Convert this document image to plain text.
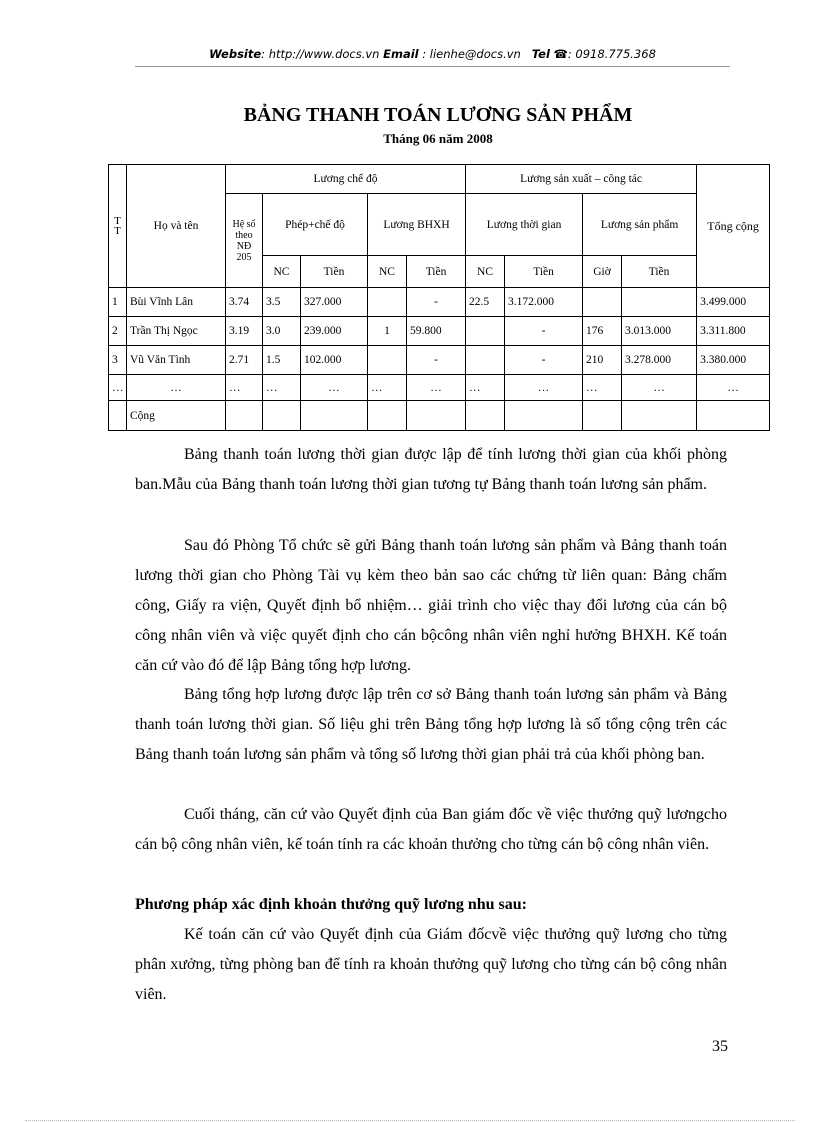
Website: http://www.docs.vn Email : lienhe@docs.vn Tel ☎: 0918.775.368
BẢNG THANH TOÁN LƯƠNG SẢN PHẨM
Tháng 06 năm 2008
T T	Họ và tên	Lương chế độ					Lương sản xuất – công tác				Tổng cộng
		Hệ số theo NĐ 205	Phép+chế độ		Lương BHXH		Lương thời gian		Lương sản phẩm		
			NC	Tiền	NC	Tiền	NC	Tiền	Giờ	Tiền	
1	Bùi Vĩnh Lân	3.74	3.5	327.000		-	22.5	3.172.000			3.499.000
2	Trần Thị Ngọc	3.19	3.0	239.000	1	59.800		-	176	3.013.000	3.311.800
3	Vũ Văn Tình	2.71	1.5	102.000		-		-	210	3.278.000	3.380.000
…	…	…	…	…	…	…	…	…	…	…	…
	Cộng										

Bảng thanh toán lương thời gian được lập để tính lương thời gian của khối phòng ban.Mẫu của Bảng thanh toán lương thời gian tương tự Bảng thanh toán lương sản phẩm.

Sau đó Phòng Tổ chức sẽ gửi Bảng thanh toán lương sản phẩm và Bảng thanh toán lương thời gian cho Phòng Tài vụ kèm theo bản sao các chứng từ liên quan: Bảng chấm công, Giấy ra viện, Quyết định bổ nhiệm… giải trình cho việc thay đổi lương của cán bộ công nhân viên và việc quyết định cho cán bộcông nhân viên nghỉ hưởng BHXH. Kế toán căn cứ vào đó để lập Bảng tổng hợp lương.

Bảng tổng hợp lương được lập trên cơ sở Bảng thanh toán lương sản phẩm và Bảng thanh toán lương thời gian. Số liệu ghi trên Bảng tổng hợp lương là số tổng cộng trên các Bảng thanh toán lương sản phẩm và tổng số lương thời gian phải trả của khối phòng ban.

Cuối tháng, căn cứ vào Quyết định của Ban giám đốc về việc thưởng quỹ lươngcho cán bộ công nhân viên, kế toán tính ra các khoản thưởng cho từng cán bộ công nhân viên.

Phương pháp xác định khoản thưởng quỹ lương nhu sau:

Kế toán căn cứ vào Quyết định của Giám đốcvề việc thưởng quỹ lương cho từng phân xưởng, từng phòng ban để tính ra khoản thưởng quỹ lương cho từng cán bộ công nhân viên.

35
